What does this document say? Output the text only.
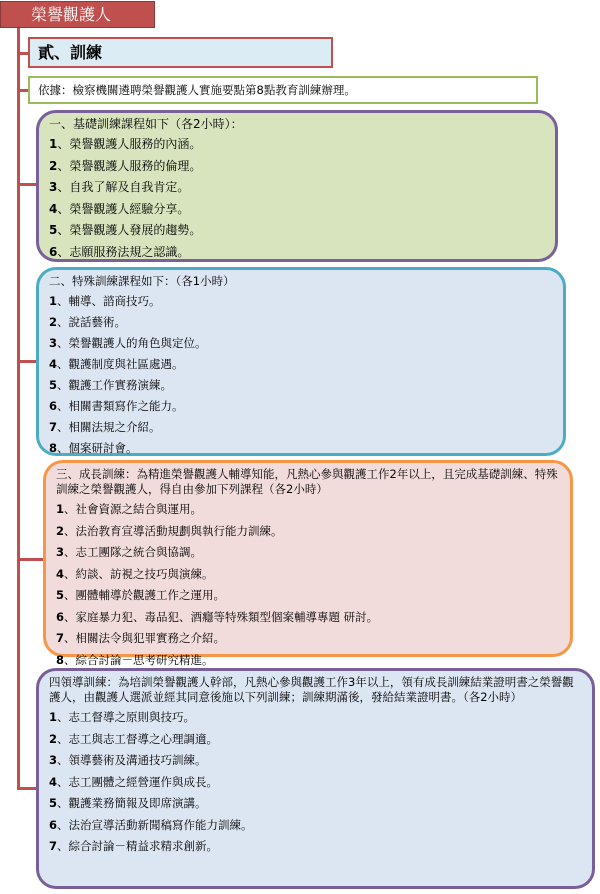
榮譽觀護人
貳、訓練
依據：檢察機關遴聘榮譽觀護人實施要點第8點教育訓練辦理。
一、基礎訓練課程如下（各2小時）：
1 、榮譽觀護人服務的內涵。
2 、榮譽觀護人服務的倫理。
3 、自我了解及自我肯定。
4 、榮譽觀護人經驗分享。
5 、榮譽觀護人發展的趨勢。
6 、志願服務法規之認識。
二、特殊訓練課程如下：（各1小時）
1 、輔導、諮商技巧。
2 、說話藝術。
3 、榮譽觀護人的角色與定位。
4 、觀護制度與社區處遇。
5 、觀護工作實務演練。
6 、相關書類寫作之能力。
7 、相關法規之介紹。
8 、個案研討會。
三、成長訓練：為精進榮譽觀護人輔導知能，凡熱心參與觀護工作2年以上，且完成基礎訓練、特殊訓練之榮譽觀護人，得自由參加下列課程（各2小時）
1 、社會資源之結合與運用。
2 、法治教育宣導活動規劃與執行能力訓練。
3 、志工團隊之統合與協調。
4 、約談、訪視之技巧與演練。
5 、團體輔導於觀護工作之運用。
6 、家庭暴力犯、毒品犯、酒癮等特殊類型個案輔導專題 研討。
7 、相關法令與犯罪實務之介紹。
8 、綜合討論－思考研究精進。
四領導訓練：為培訓榮譽觀護人幹部，凡熱心參與觀護工作3年以上，領有成長訓練結業證明書之榮譽觀護人，由觀護人選派並經其同意後施以下列訓練；訓練期滿後，發給結業證明書。（各2小時）
1 、志工督導之原則與技巧。
2 、志工與志工督導之心理調適。
3 、領導藝術及溝通技巧訓練。
4 、志工團體之經營運作與成長。
5 、觀護業務簡報及即席演講。
6 、法治宣導活動新聞稿寫作能力訓練。
7 、綜合討論－精益求精求創新。
